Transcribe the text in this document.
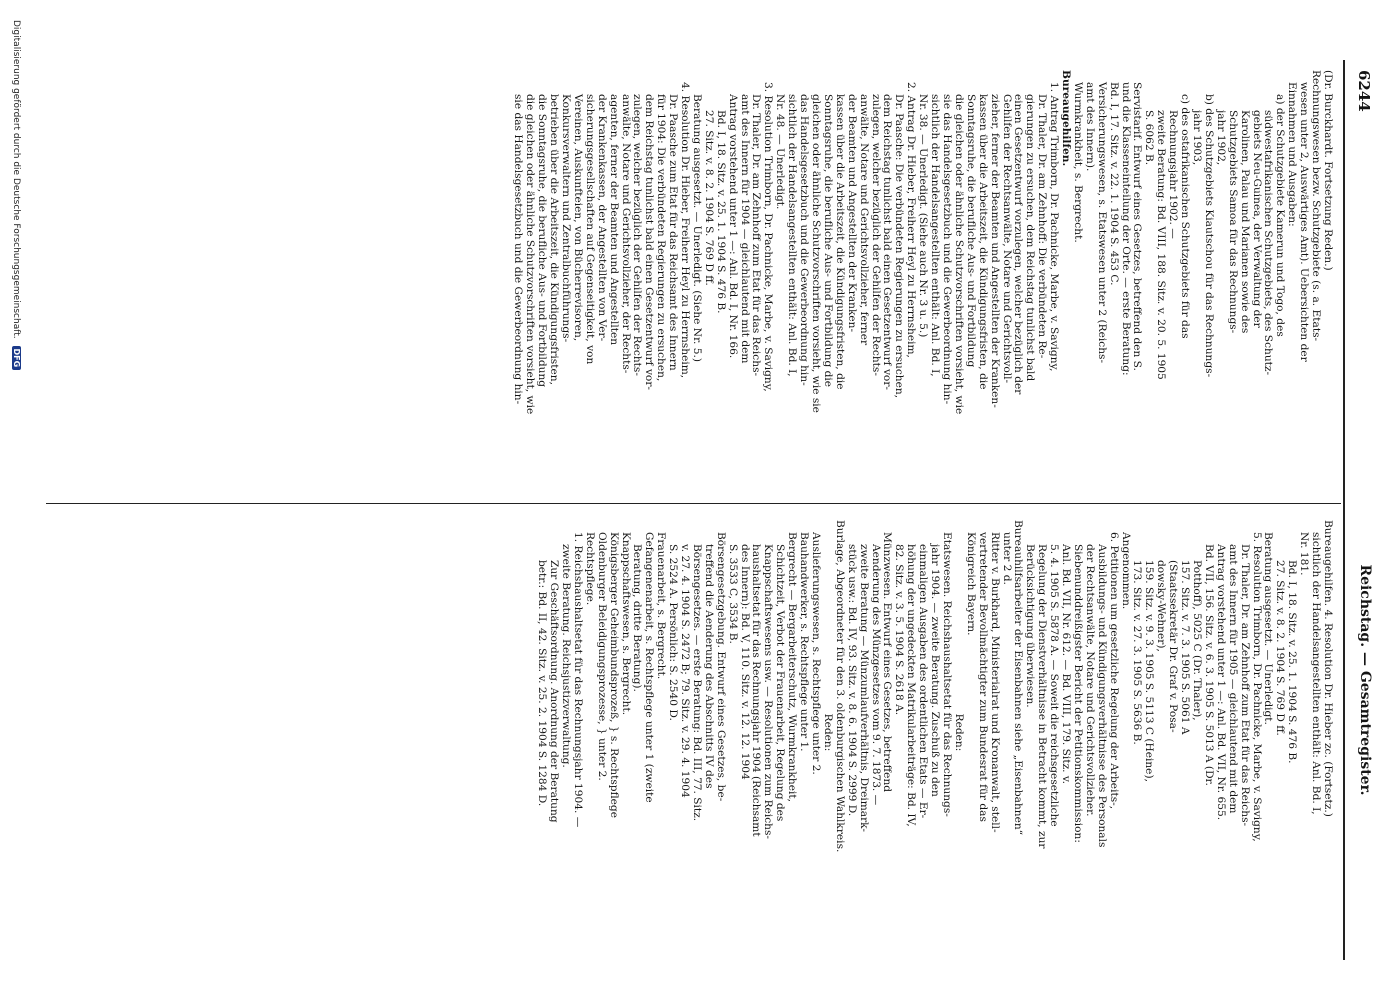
6244
Reichstag. — Gesamtregister.

(Dr. Burckhardt. Fortsetzung Reden.)

Rechnungswesen bezw. Schutzgebiete (s. a. Etats-

wesen unter 2, Auswärtiges Amt). Uebersichten der

Einnahmen und Ausgaben:

a) der Schutzgebiete Kamerun und Togo, des

südwestafrikanischen Schutzgebiets, des Schutz-

gebiets Neu-Guinea, der Verwaltung der

Karolinen, Palau und Marianen sowie des

Schutzgebiets Samoa für das Rechnungs-

jahr 1902,

b) des Schutzgebiets Kiautschou für das Rechnungs-

jahr 1903,

c) des ostafrikanischen Schutzgebiets für das

Rechnungsjahr 1902. —

zweite Beratung: Bd. VIII, 188. Sitz. v. 20. 5. 1905

S. 6062 B.

Servistarif. Entwurf eines Gesetzes, betreffend den S.

und die Klasseneinteilung der Orte. — erste Beratung:

Bd. I, 17. Sitz. v. 22. 1. 1904 S. 453 C.

Versicherungswesen, s. Etatswesen unter 2 (Reichs-

amt des Innern).

Wurmkrankheit, s. Bergrecht.

Bureaugehilfen.

1. Antrag Trimborn, Dr. Pachnicke, Marbe, v. Savigny,

Dr. Thaler, Dr. am Zehnhoff: Die verbündeten Re-

gierungen zu ersuchen, dem Reichstag tunlichst bald

einen Gesetzentwurf vorzulegen, welcher bezüglich der

Gehilfen der Rechtsanwälte, Notare und Gerichtsvoll-

zieher, ferner der Beamten und Angestellten der Kranken-

kassen über die Arbeitszeit, die Kündigungsfristen, die

Sonntagsruhe, die berufliche Aus- und Fortbildung

die gleichen oder ähnliche Schutzvorschriften vorsieht, wie

sie das Handelsgesetzbuch und die Gewerbeordnung hin-

sichtlich der Handelsangestellten enthält: Anl. Bd. I,

Nr. 38. — Unerledigt. (Siehe auch Nr. 3 u. 5.)

2. Antrag Dr. Hieber, Freiherr Heyl zu Herrnsheim,

Dr. Paasche: Die verbündeten Regierungen zu ersuchen,

dem Reichstag tunlichst bald einen Gesetzentwurf vor-

zulegen, welcher bezüglich der Gehilfen der Rechts-

anwälte, Notare und Gerichtsvollzieher, ferner

der Beamten und Angestellten der Kranken-

kassen über die Arbeitszeit, die Kündigungsfristen, die

Sonntagsruhe, die berufliche Aus- und Fortbildung die

gleichen oder ähnliche Schutzvorschriften vorsieht, wie sie

das Handelsgesetzbuch und die Gewerbeordnung hin-

sichtlich der Handelsangestellten enthält: Anl. Bd. I,

Nr. 48. — Unerledigt.

3. Resolution Trimborn, Dr. Pachnicke, Marbe, v. Savigny,

Dr. Thaler, Dr. am Zehnhoff zum Etat für das Reichs-

amt des Innern für 1904 — gleichlautend mit dem

Antrag vorstehend unter 1 —: Anl. Bd. I, Nr. 166.

Bd. I, 18. Sitz. v. 25. 1. 1904 S. 476 B.

27. Sitz. v. 8. 2. 1904 S. 769 D ff.

Beratung ausgesetzt. — Unerledigt. (Siehe Nr. 5.)

4. Resolution Dr. Hieber, Freiherr Heyl zu Herrnsheim,

Dr. Paasche zum Etat für das Reichsamt des Innern

für 1904: Die verbündeten Regierungen zu ersuchen,

dem Reichstag tunlichst bald einen Gesetzentwurf vor-

zulegen, welcher bezüglich der Gehilfen der Rechts-

anwälte, Notare und Gerichtsvollzieher, der Rechts-

agenten, ferner der Beamten und Angestellten

der Krankenkassen, der Angestellten von Ver-

sicherungsgesellschaften auf Gegenseitigkeit, von

Vereinen, Auskunfteien, von Bücherrevisoren,

Konkursverwaltern und Zentralbuchführungs-

betrieben über die Arbeitszeit, die Kündigungsfristen,

die Sonntagsruhe, die berufliche Aus- und Fortbildung

die gleichen oder ähnliche Schutzvorschriften vorsieht, wie

sie das Handelsgesetzbuch und die Gewerbeordnung hin-

Bureaugehilfen. 4. Resolution Dr. Hieber zc. (Fortsetz.)

sichtlich der Handelsangestellten enthält: Anl. Bd. I,

Nr. 181.

Bd. I, 18. Sitz. v. 25. 1. 1904 S. 476 B.

27. Sitz. v. 8. 2. 1904 S. 769 D ff.

Beratung ausgesetzt. — Unerledigt.

5. Resolution Trimborn, Dr. Pachnicke, Marbe, v. Savigny,

Dr. Thaler, Dr. am Zehnhoff zum Etat für das Reichs-

amt des Innern für 1905 — gleichlautend mit dem

Antrag vorstehend unter 1 —: Anl. Bd. VII, Nr. 655.

Bd. VII, 156. Sitz. v. 6. 3. 1905 S. 5013 A (Dr.

Potthoff), 5025 C (Dr. Thaler),

157. Sitz. v. 7. 3. 1905 S. 5061 A

(Staatssekretär Dr. Graf v. Posa-

dowsky-Wehner),

159. Sitz. v. 9. 3. 1905 S. 5113 C (Heine),

173. Sitz. v. 27. 3. 1905 S. 5636 B.

Angenommen.

6. Petitionen um gesetzliche Regelung der Arbeits-,

Ausbildungs- und Kündigungsverhältnisse des Personals

der Rechtsanwälte, Notare und Gerichtsvollzieher.

Siebenunddreißigster Bericht der Petitionskommission:

Anl. Bd. VII, Nr. 612. — Bd. VIII, 179. Sitz. v.

5. 4. 1905 S. 5878 A. — Soweit die reichsgesetzliche

Regelung der Dienstverhältnisse in Betracht kommt, zur

Berücksichtigung überwiesen.

Bureauhilfsarbeiter der Eisenbahnen siehe „Eisenbahnen“

unter 2 d.

Ritter v. Burkhard, Ministerialrat und Kronanwalt, stell-

vertretender Bevollmächtigter zum Bundesrat für das

Königreich Bayern.

Reden:

Etatswesen. Reichshaushaltsetat für das Rechnungs-

jahr 1904. — zweite Beratung. Zuschuß zu den

einmaligen Ausgaben des ordentlichen Etats — Er-

höhung der ungedeckten Matrikularbeiträge: Bd. IV,

82. Sitz. v. 3. 5. 1904 S. 2618 A.

Münzwesen. Entwurf eines Gesetzes, betreffend

Aenderung des Münzgesetzes vom 9. 7. 1873. —

zweite Beratung — Münzumlaufverhältnis, Dreimark-

stück usw.: Bd. IV, 93. Sitz. v. 8. 6. 1904 S. 2999 D.

Burlage, Abgeordneter für den 3. oldenburgischen Wahlkreis.

Reden:

Auslieferungswesen, s. Rechtspflege unter 2.

Bauhandwerker, s. Rechtspflege unter 1.

Bergrecht — Bergarbeiterschutz, Wurmkrankheit,

Schichtzeit, Verbot der Frauenarbeit, Regelung des

Knappschaftswesens usw. — Resolutionen zum Reichs-

haushaltsetat für das Rechnungsjahr 1904 (Reichsamt

des Innern): Bd. V, 110. Sitz. v. 12. 12. 1904

S. 3533 C, 3534 B.

Börsengesetzgebung. Entwurf eines Gesetzes, be-

treffend die Aenderung des Abschnitts IV des

Börsengesetzes. — erste Beratung: Bd. III, 77. Sitz.

v. 27. 4. 1904 S. 2472 B; 79. Sitz. v. 29. 4. 1904

S. 2524 A. Persönlich: S. 2540 D.

Frauenarbeit, s. Bergrecht.

Gefangenenarbeit, s. Rechtspflege unter 1 (zweite

Beratung, dritte Beratung).

Knappschaftswesen, s. Bergrecht.

Königsberger Geheimbundsprozeß, } s. Rechtspflege

Oldenburger Beleidigungsprozesse, } unter 2.

Rechtspflege.

1. Reichshaushaltsetat für das Rechnungsjahr 1904. —

zweite Beratung. Reichsjustizverwaltung.

Zur Geschäftsordnung. Anordnung der Beratung

betr.: Bd. II, 42. Sitz. v. 25. 2. 1904 S. 1284 D.

Digitalisierung gefördert durch die Deutsche Forschungsgemeinschaft. DFG
